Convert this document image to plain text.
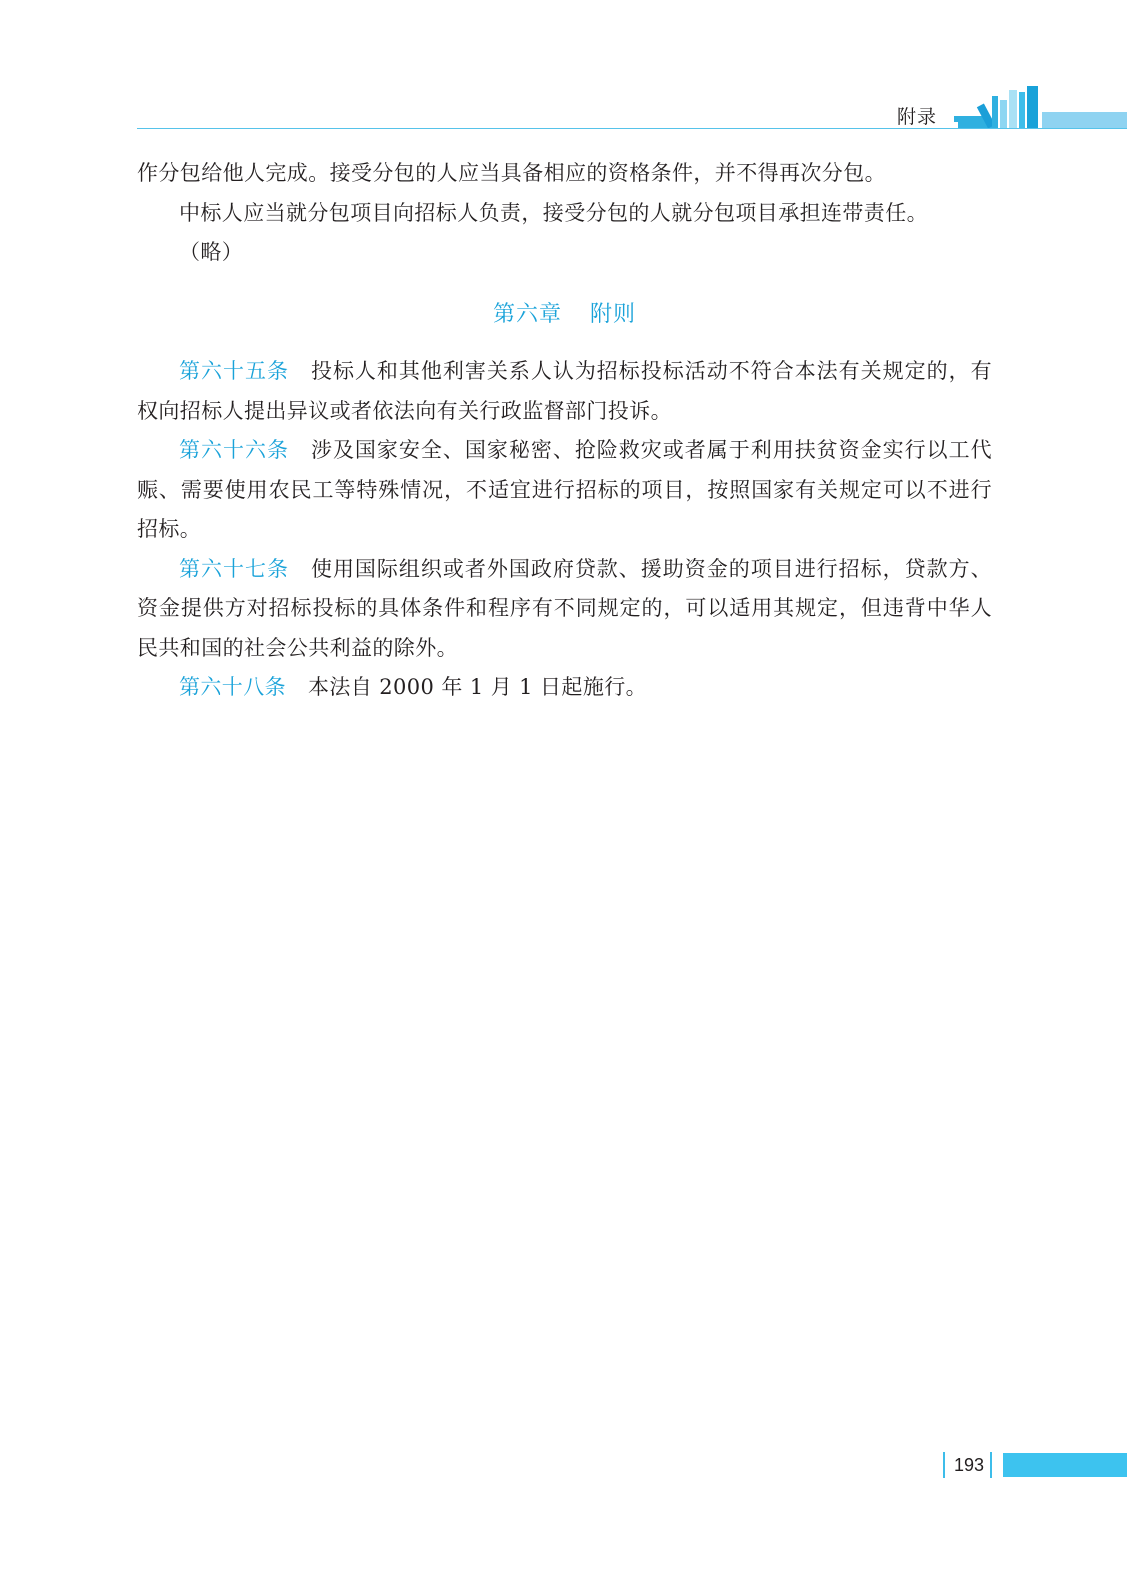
附录

作分包给他人完成。接受分包的人应当具备相应的资格条件，并不得再次分包。

中标人应当就分包项目向招标人负责，接受分包的人就分包项目承担连带责任。

（略）

第六章 附则

第六十五条 投标人和其他利害关系人认为招标投标活动不符合本法有关规定的，有权向招标人提出异议或者依法向有关行政监督部门投诉。

第六十六条 涉及国家安全、国家秘密、抢险救灾或者属于利用扶贫资金实行以工代赈、需要使用农民工等特殊情况，不适宜进行招标的项目，按照国家有关规定可以不进行招标。

第六十七条 使用国际组织或者外国政府贷款、援助资金的项目进行招标，贷款方、资金提供方对招标投标的具体条件和程序有不同规定的，可以适用其规定，但违背中华人民共和国的社会公共利益的除外。

第六十八条 本法自 2000 年 1 月 1 日起施行。

193
